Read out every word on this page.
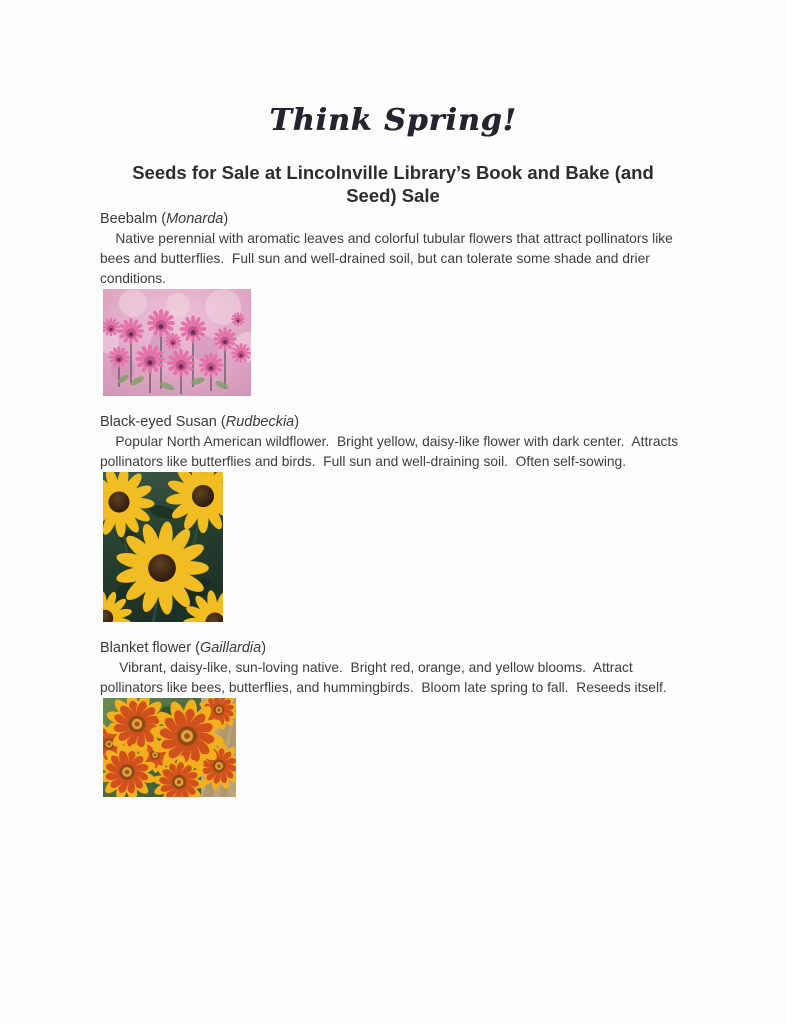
Think Spring!
Seeds for Sale at Lincolnville Library’s Book and Bake (and Seed) Sale
Beebalm (Monarda)

Native perennial with aromatic leaves and colorful tubular flowers that attract pollinators like bees and butterflies.  Full sun and well-drained soil, but can tolerate some shade and drier conditions.

Black-eyed Susan (Rudbeckia)

Popular North American wildflower.  Bright yellow, daisy-like flower with dark center.  Attracts pollinators like butterflies and birds.  Full sun and well-draining soil.  Often self-sowing.

Blanket flower (Gaillardia)

Vibrant, daisy-like, sun-loving native.  Bright red, orange, and yellow blooms.  Attract pollinators like bees, butterflies, and hummingbirds.  Bloom late spring to fall.  Reseeds itself.
